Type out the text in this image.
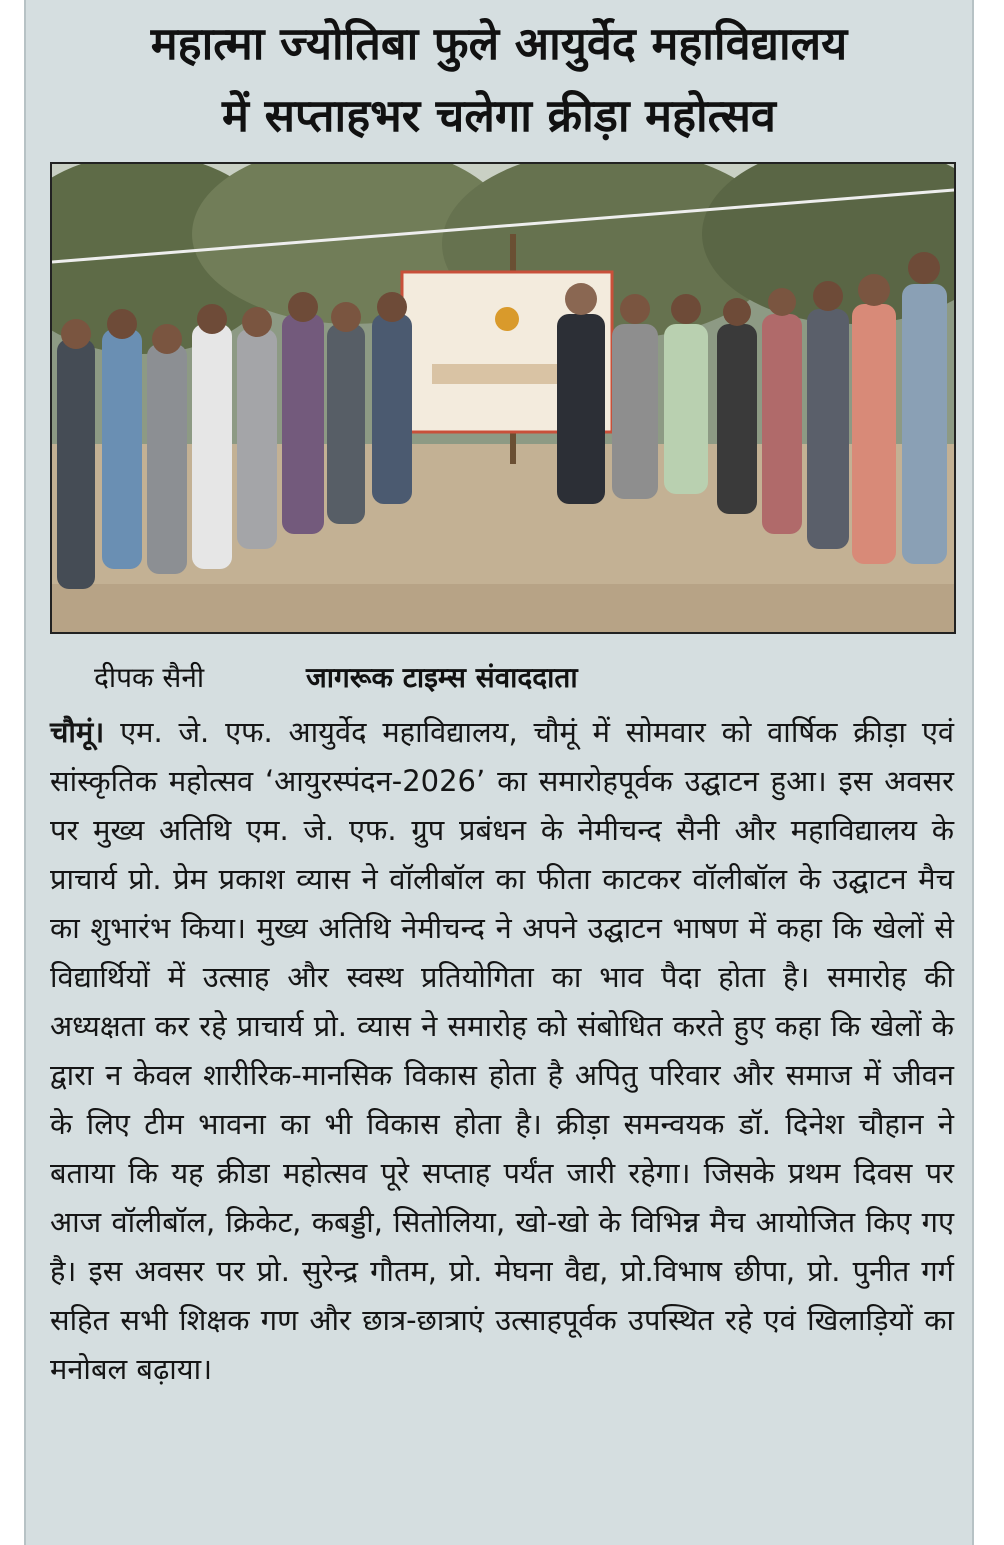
महात्मा ज्योतिबा फुले आयुर्वेद महाविद्यालय
में सप्ताहभर चलेगा क्रीड़ा महोत्सव
दीपक सैनी	जागरूक टाइम्स संवाददाता

चौमूं। एम. जे. एफ. आयुर्वेद महाविद्यालय, चौमूं में सोमवार को वार्षिक क्रीड़ा एवं सांस्कृतिक महोत्सव ‘आयुरस्पंदन-2026’ का समारोहपूर्वक उद्घाटन हुआ। इस अवसर पर मुख्य अतिथि एम. जे. एफ. ग्रुप प्रबंधन के नेमीचन्द सैनी और महाविद्यालय के प्राचार्य प्रो. प्रेम प्रकाश व्यास ने वॉलीबॉल का फीता काटकर वॉलीबॉल के उद्घाटन मैच का शुभारंभ किया। मुख्य अतिथि नेमीचन्द ने अपने उद्घाटन भाषण में कहा कि खेलों से विद्यार्थियों में उत्साह और स्वस्थ प्रतियोगिता का भाव पैदा होता है। समारोह की अध्यक्षता कर रहे प्राचार्य प्रो. व्यास ने समारोह को संबोधित करते हुए कहा कि खेलों के द्वारा न केवल शारीरिक-मानसिक विकास होता है अपितु परिवार और समाज में जीवन के लिए टीम भावना का भी विकास होता है। क्रीड़ा समन्वयक डॉ. दिनेश चौहान ने बताया कि यह क्रीडा महोत्सव पूरे सप्ताह पर्यंत जारी रहेगा। जिसके प्रथम दिवस पर आज वॉलीबॉल, क्रिकेट, कबड्डी, सितोलिया, खो-खो के विभिन्न मैच आयोजित किए गए है। इस अवसर पर प्रो. सुरेन्द्र गौतम, प्रो. मेघना वैद्य, प्रो.विभाष छीपा, प्रो. पुनीत गर्ग सहित सभी शिक्षक गण और छात्र-छात्राएं उत्साहपूर्वक उपस्थित रहे एवं खिलाड़ियों का मनोबल बढ़ाया।
